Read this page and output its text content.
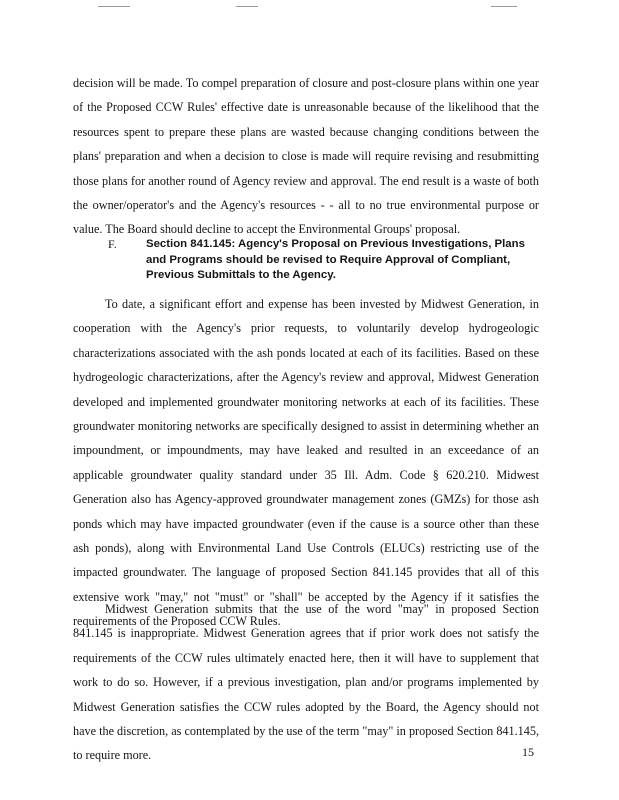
decision will be made. To compel preparation of closure and post-closure plans within one year of the Proposed CCW Rules' effective date is unreasonable because of the likelihood that the resources spent to prepare these plans are wasted because changing conditions between the plans' preparation and when a decision to close is made will require revising and resubmitting those plans for another round of Agency review and approval. The end result is a waste of both the owner/operator's and the Agency's resources - - all to no true environmental purpose or value. The Board should decline to accept the Environmental Groups' proposal.

F.	Section 841.145: Agency's Proposal on Previous Investigations, Plans and Programs should be revised to Require Approval of Compliant, Previous Submittals to the Agency.

To date, a significant effort and expense has been invested by Midwest Generation, in cooperation with the Agency's prior requests, to voluntarily develop hydrogeologic characterizations associated with the ash ponds located at each of its facilities. Based on these hydrogeologic characterizations, after the Agency's review and approval, Midwest Generation developed and implemented groundwater monitoring networks at each of its facilities. These groundwater monitoring networks are specifically designed to assist in determining whether an impoundment, or impoundments, may have leaked and resulted in an exceedance of an applicable groundwater quality standard under 35 Ill. Adm. Code § 620.210. Midwest Generation also has Agency-approved groundwater management zones (GMZs) for those ash ponds which may have impacted groundwater (even if the cause is a source other than these ash ponds), along with Environmental Land Use Controls (ELUCs) restricting use of the impacted groundwater. The language of proposed Section 841.145 provides that all of this extensive work "may," not "must" or "shall" be accepted by the Agency if it satisfies the requirements of the Proposed CCW Rules.

Midwest Generation submits that the use of the word "may" in proposed Section 841.145 is inappropriate. Midwest Generation agrees that if prior work does not satisfy the requirements of the CCW rules ultimately enacted here, then it will have to supplement that work to do so. However, if a previous investigation, plan and/or programs implemented by Midwest Generation satisfies the CCW rules adopted by the Board, the Agency should not have the discretion, as contemplated by the use of the term "may" in proposed Section 841.145, to require more.	15
